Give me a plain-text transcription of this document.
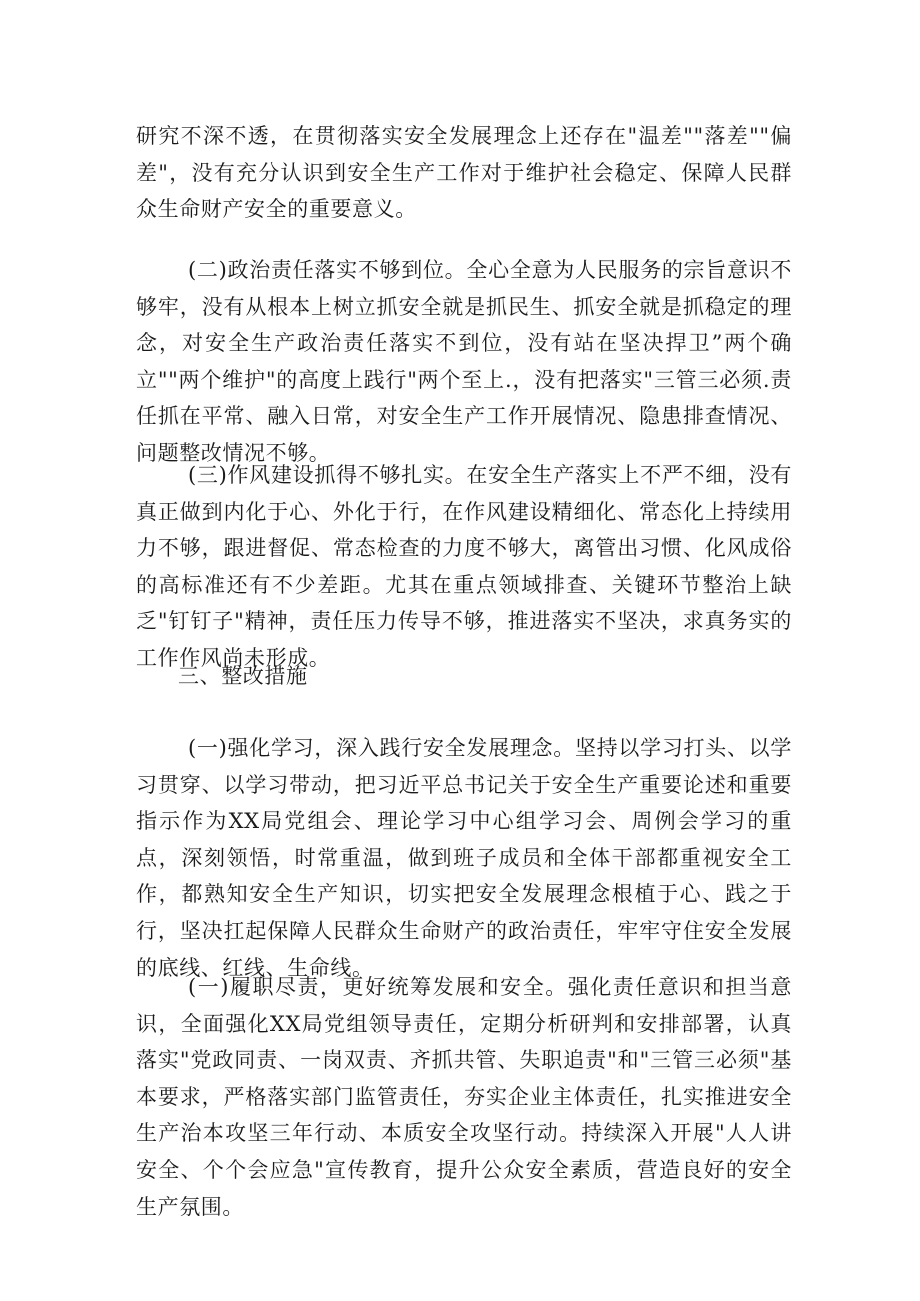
研究不深不透，在贯彻落实安全发展理念上还存在"温差""落差""偏差"，没有充分认识到安全生产工作对于维护社会稳定、保障人民群众生命财产安全的重要意义。

(二)政治责任落实不够到位。全心全意为人民服务的宗旨意识不够牢，没有从根本上树立抓安全就是抓民生、抓安全就是抓稳定的理念，对安全生产政治责任落实不到位，没有站在坚决捍卫”两个确立""两个维护"的高度上践行"两个至上.，没有把落实"三管三必须.责任抓在平常、融入日常，对安全生产工作开展情况、隐患排查情况、问题整改情况不够。

(三)作风建设抓得不够扎实。在安全生产落实上不严不细，没有真正做到内化于心、外化于行，在作风建设精细化、常态化上持续用力不够，跟进督促、常态检查的力度不够大，离管出习惯、化风成俗的高标准还有不少差距。尤其在重点领域排查、关键环节整治上缺乏"钉钉子"精神，责任压力传导不够，推进落实不坚决，求真务实的工作作风尚未形成。

三、整改措施

(一)强化学习，深入践行安全发展理念。坚持以学习打头、以学习贯穿、以学习带动，把习近平总书记关于安全生产重要论述和重要指示作为XX局党组会、理论学习中心组学习会、周例会学习的重点，深刻领悟，时常重温，做到班子成员和全体干部都重视安全工作，都熟知安全生产知识，切实把安全发展理念根植于心、践之于行，坚决扛起保障人民群众生命财产的政治责任，牢牢守住安全发展的底线、红线、生命线。

(一)履职尽责，更好统筹发展和安全。强化责任意识和担当意识，全面强化XX局党组领导责任，定期分析研判和安排部署，认真落实"党政同责、一岗双责、齐抓共管、失职追责"和"三管三必须"基本要求，严格落实部门监管责任，夯实企业主体责任，扎实推进安全生产治本攻坚三年行动、本质安全攻坚行动。持续深入开展"人人讲安全、个个会应急"宣传教育，提升公众安全素质，营造良好的安全生产氛围。
